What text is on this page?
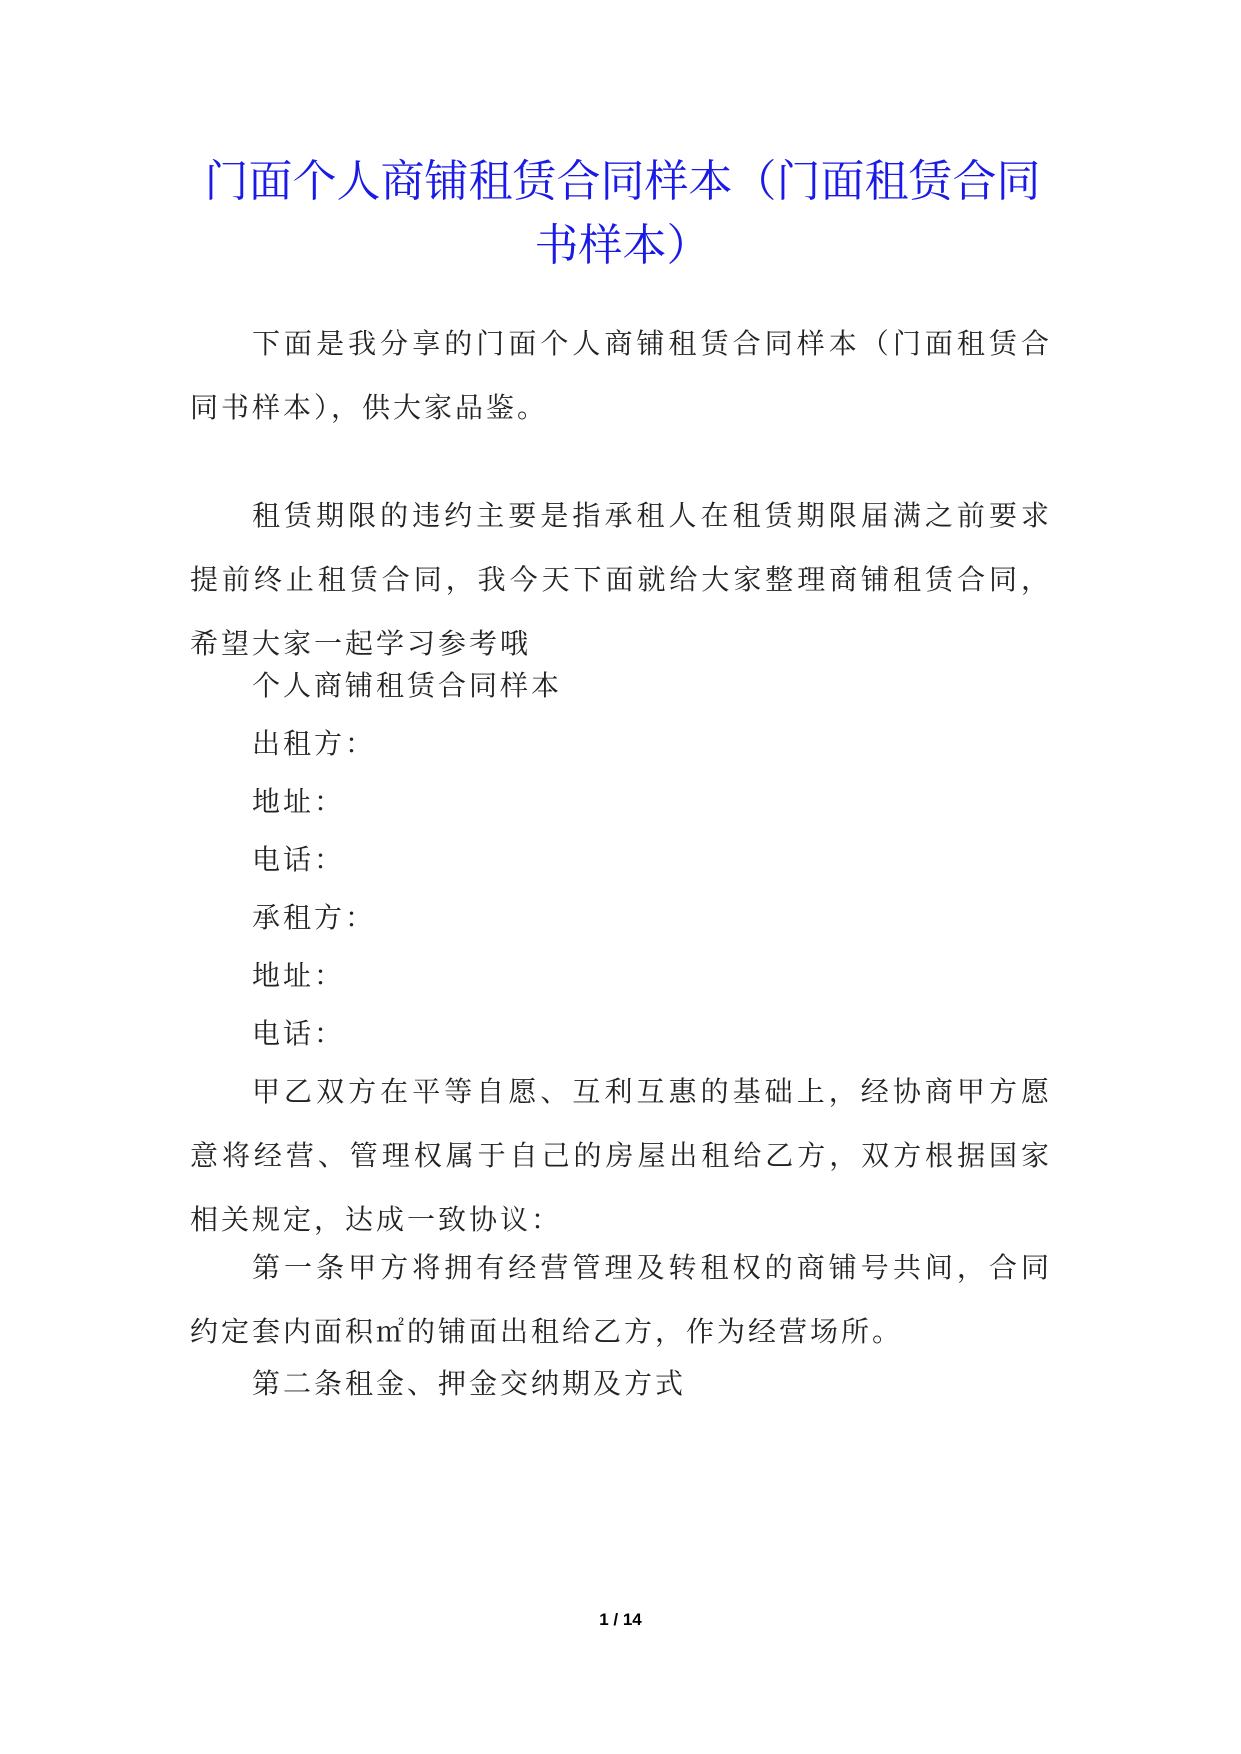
门面个人商铺租赁合同样本（门面租赁合同书样本）

下面是我分享的门面个人商铺租赁合同样本（门面租赁合同书样本），供大家品鉴。

租赁期限的违约主要是指承租人在租赁期限届满之前要求提前终止租赁合同，我今天下面就给大家整理商铺租赁合同，希望大家一起学习参考哦

个人商铺租赁合同样本

出租方：

地址：

电话：

承租方：

地址：

电话：

甲乙双方在平等自愿、互利互惠的基础上，经协商甲方愿意将经营、管理权属于自己的房屋出租给乙方，双方根据国家相关规定，达成一致协议：

第一条甲方将拥有经营管理及转租权的商铺号共间，合同约定套内面积㎡的铺面出租给乙方，作为经营场所。

第二条租金、押金交纳期及方式

1 / 14
